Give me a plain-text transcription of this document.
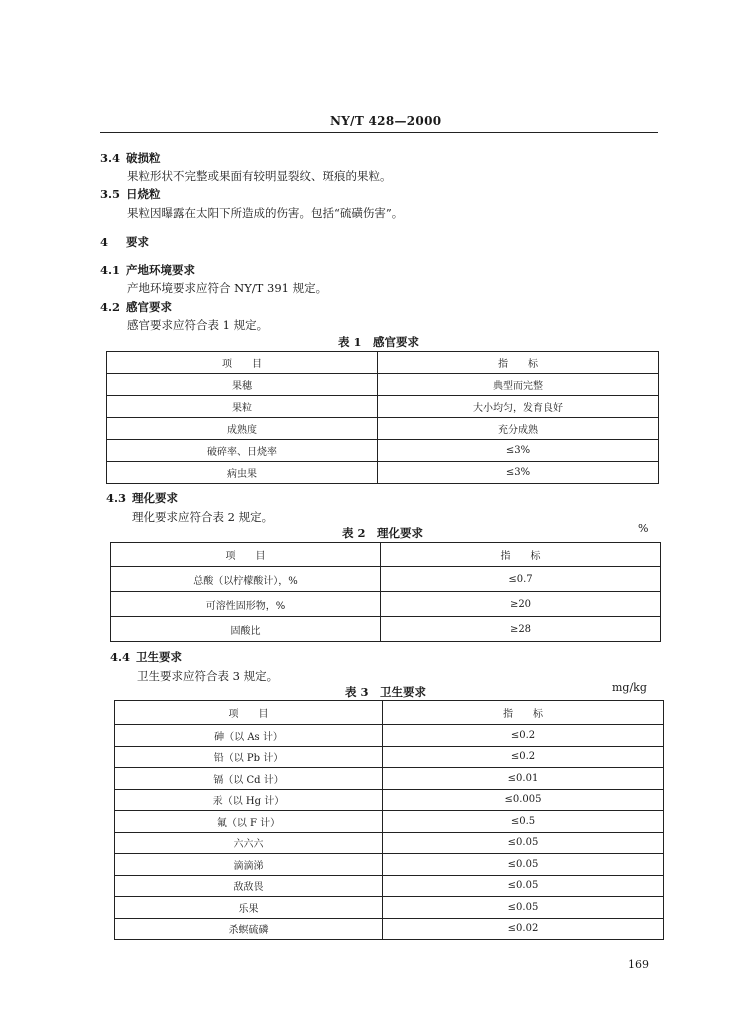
NY/T 428—2000
3.4 破损粒
果粒形状不完整或果面有较明显裂纹、斑痕的果粒。
3.5 日烧粒
果粒因曝露在太阳下所造成的伤害。包括“硫磺伤害”。
4 要求
4.1 产地环境要求
产地环境要求应符合 NY/T 391 规定。
4.2 感官要求
感官要求应符合表 1 规定。
表 1　感官要求
项　　目	指　　标
果穗	典型而完整
果粒	大小均匀，发育良好
成熟度	充分成熟
破碎率、日烧率	≤3%
病虫果	≤3%
4.3 理化要求
理化要求应符合表 2 规定。
表 2　理化要求	%
项　　目	指　　标
总酸（以柠檬酸计），%	≤0.7
可溶性固形物，%	≥20
固酸比	≥28
4.4 卫生要求
卫生要求应符合表 3 规定。
表 3　卫生要求	mg/kg
项　　目	指　　标
砷（以 As 计）	≤0.2
铅（以 Pb 计）	≤0.2
镉（以 Cd 计）	≤0.01
汞（以 Hg 计）	≤0.005
氟（以 F 计）	≤0.5
六六六	≤0.05
滴滴涕	≤0.05
敌敌畏	≤0.05
乐果	≤0.05
杀螟硫磷	≤0.02
169
